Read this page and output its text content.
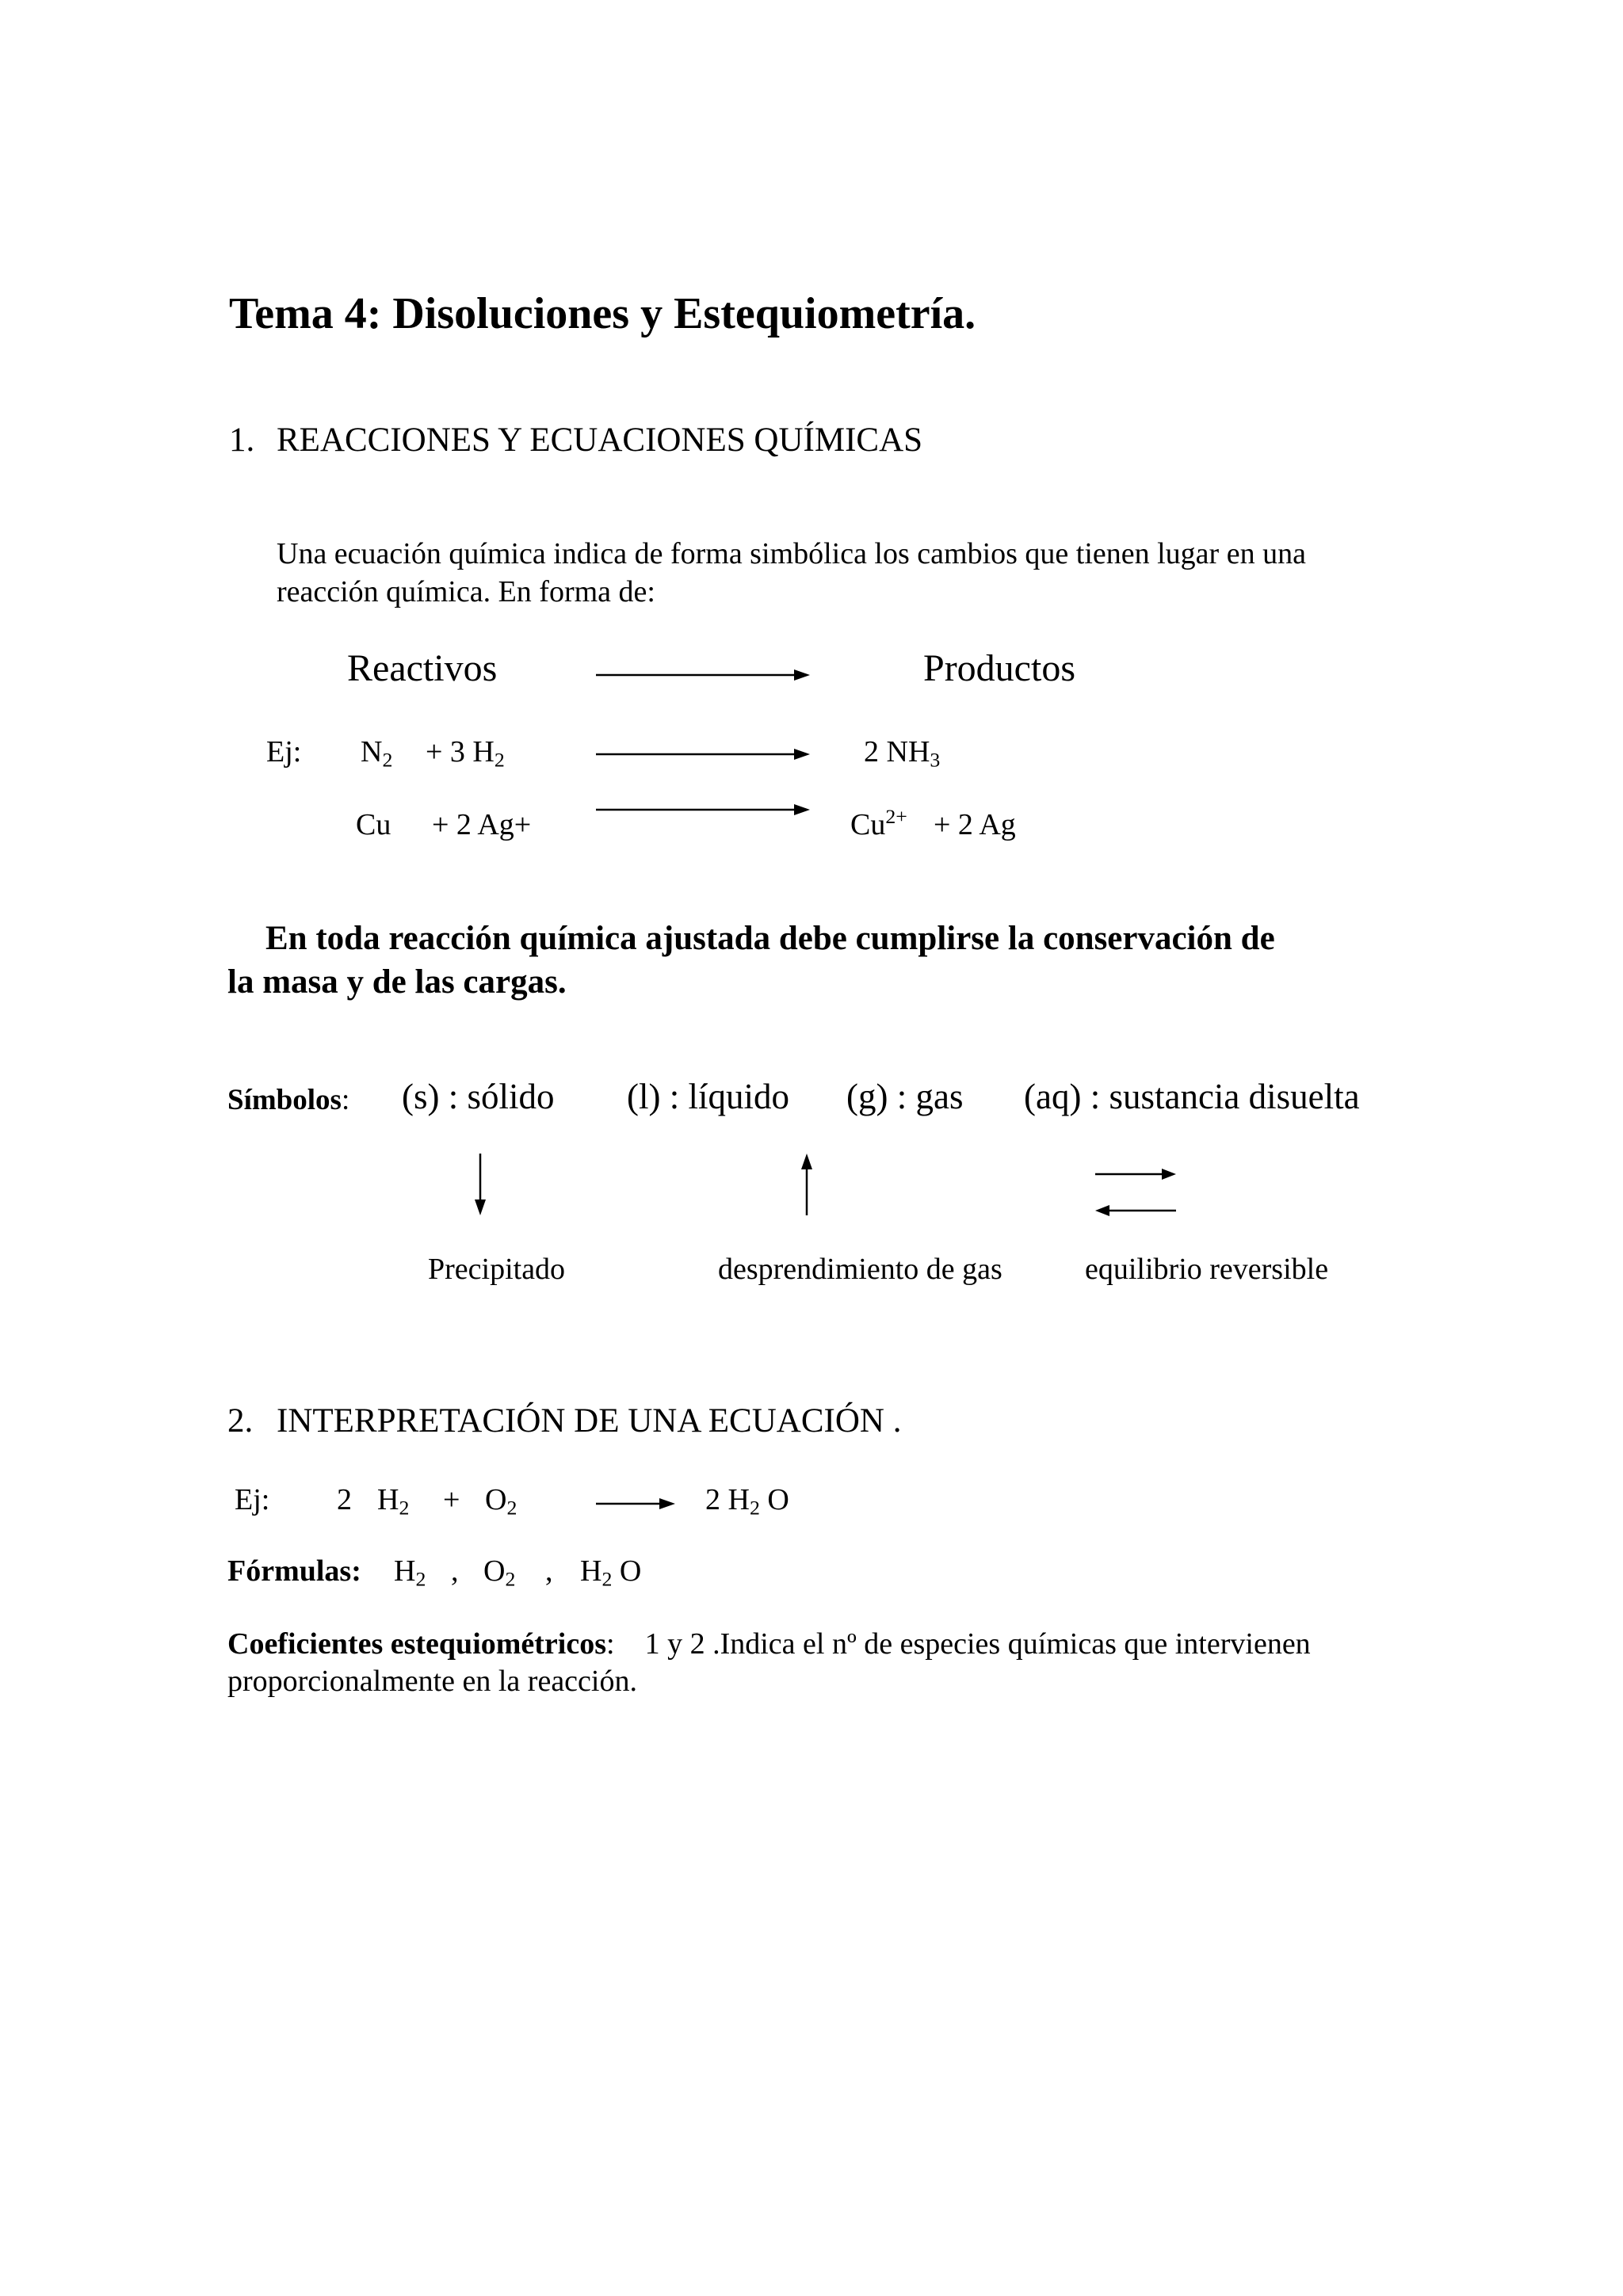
Tema 4: Disoluciones y Estequiometría.
1. REACCIONES Y ECUACIONES QUÍMICAS
Una ecuación química indica de forma simbólica los cambios que tienen lugar en una
reacción química. En forma de:
Reactivos	Productos
Ej: $N_2 + 3$ $H_2$	2 $NH_3$
Cu + 2 Ag+	$Cu^{2+} + 2$ Ag
En toda reacción química ajustada debe cumplirse la conservación de
la masa y de las cargas.
Símbolos: (s) : sólido (l) : líquido (g) : gas (aq) : sustancia disuelta
Precipitado	desprendimiento de gas	equilibrio reversible
2. INTERPRETACIÓN DE UNA ECUACIÓN .
Ej: 2 $H_2 + O_2$	2 $H_2$ O
Fórmulas: $H_2$ , $O_2$ , $H_2$ O
Coeficientes estequiométricos: 1 y 2 .Indica el nº de especies químicas que intervienen
proporcionalmente en la reacción.
